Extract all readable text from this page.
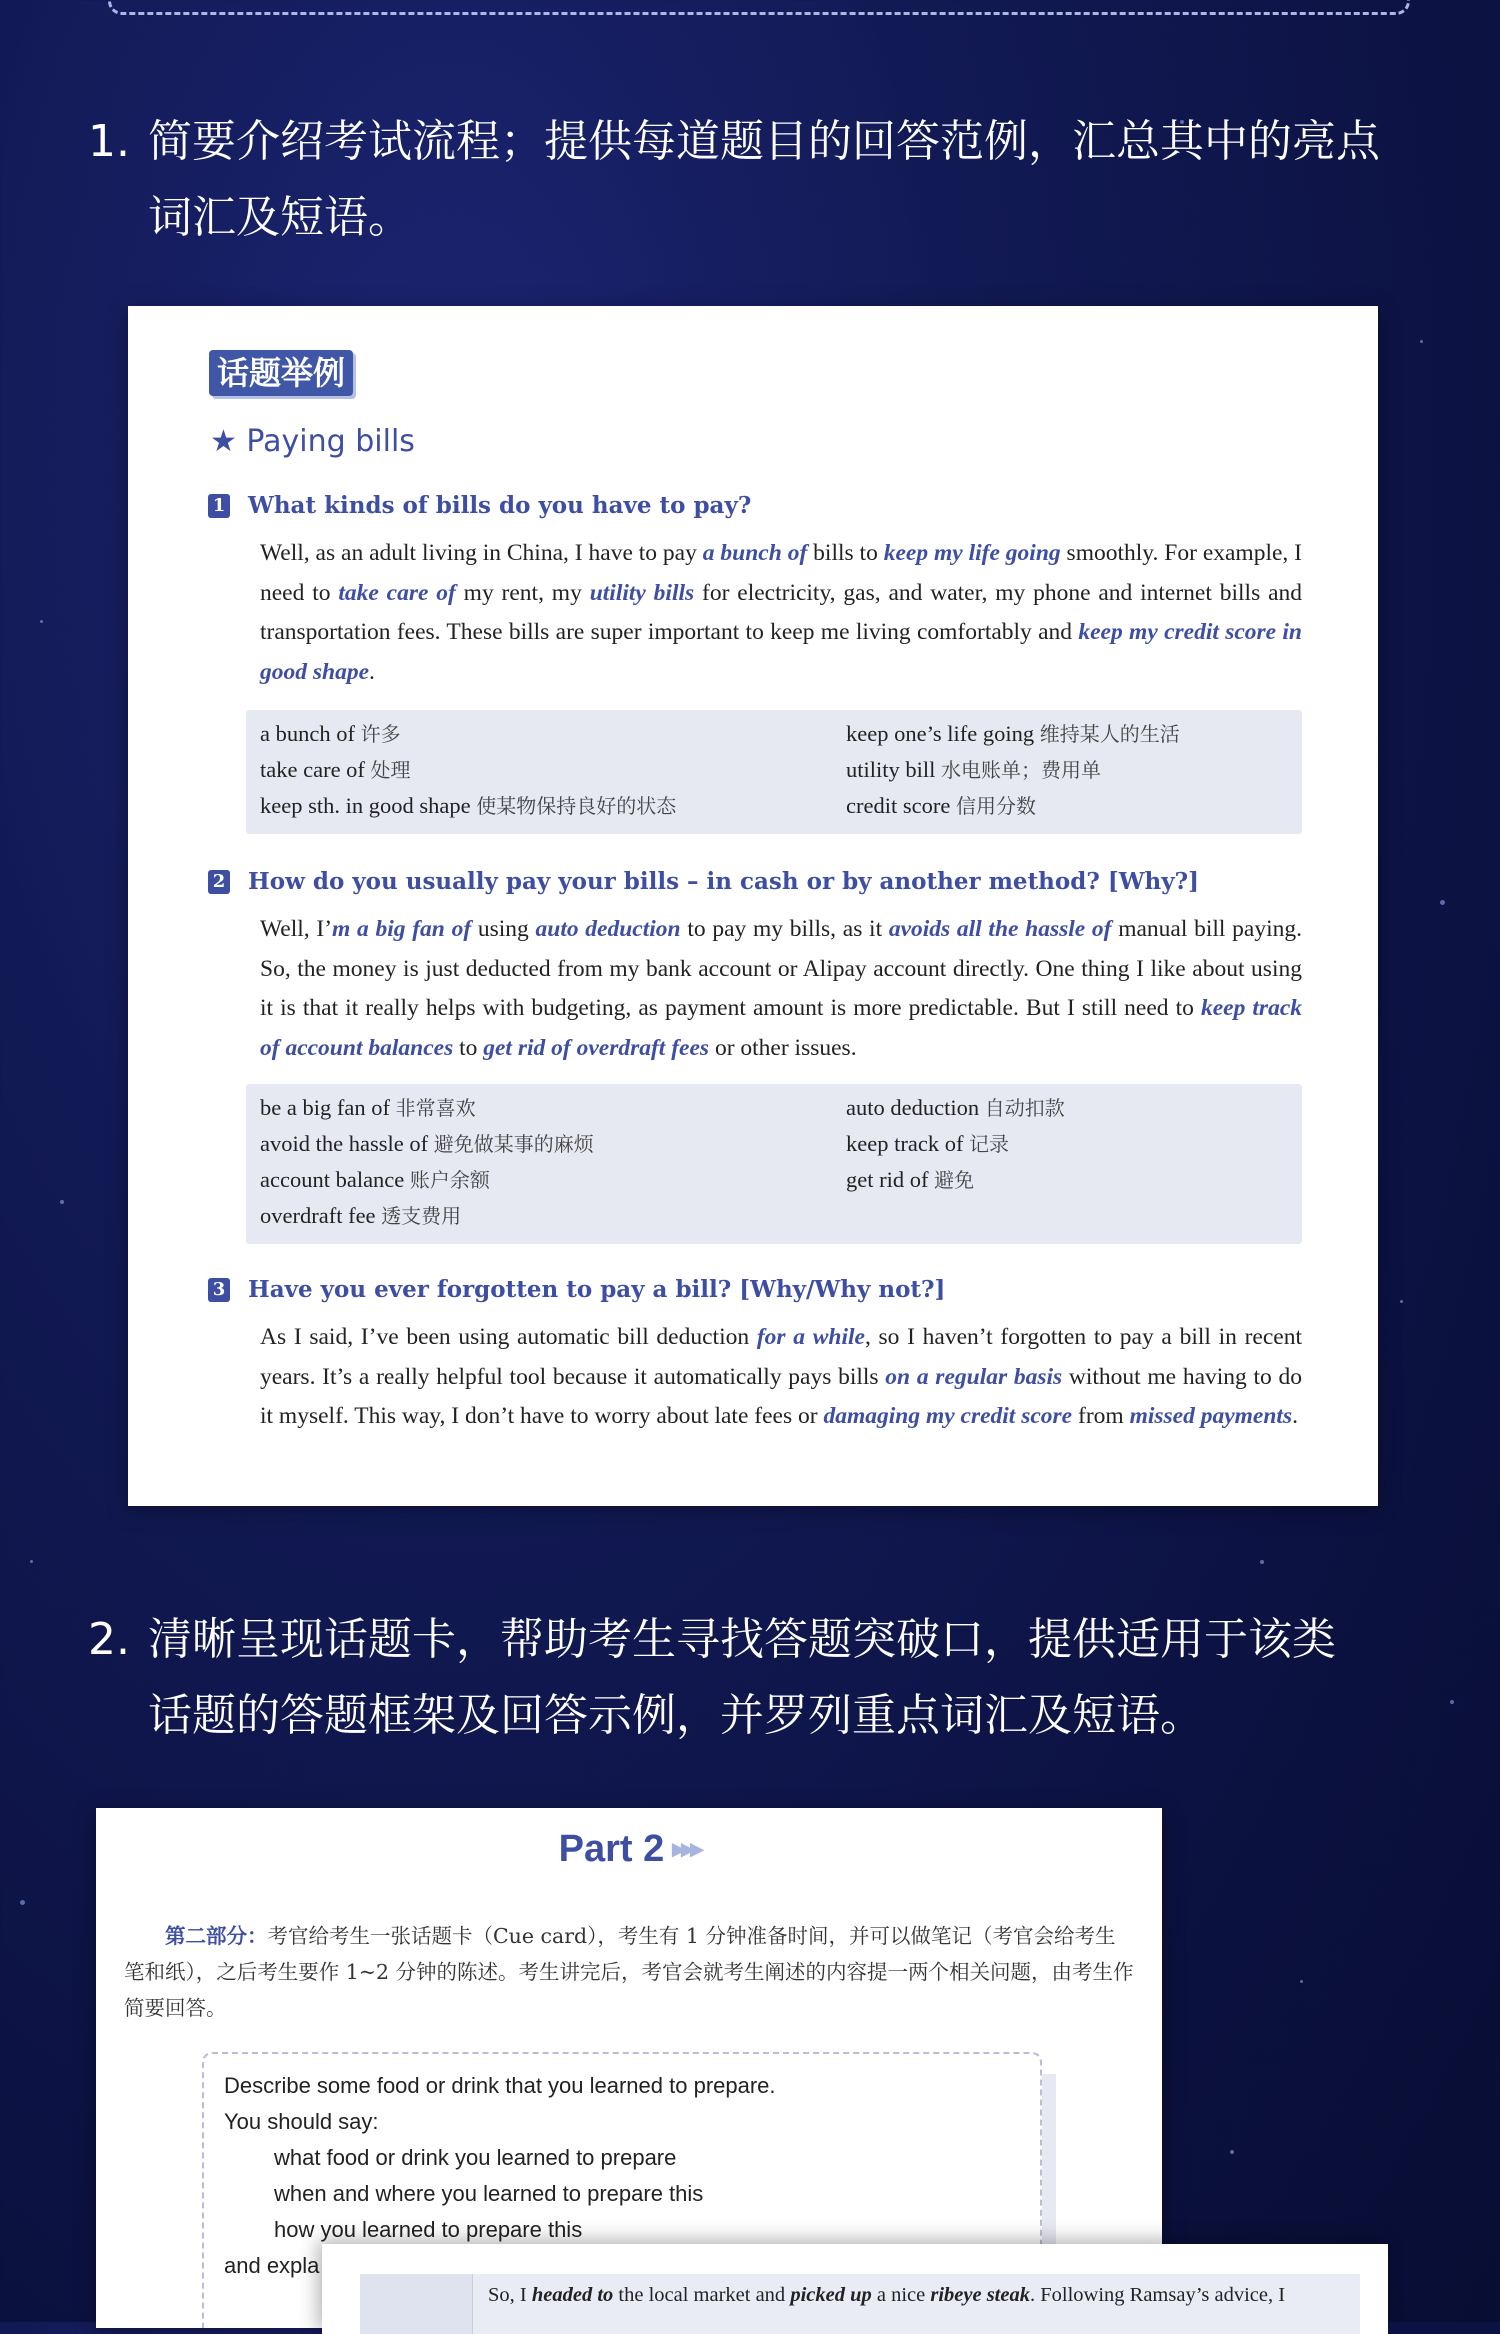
1. 简要介绍考试流程；提供每道题目的回答范例，汇总其中的亮点
词汇及短语。
话题举例
★ Paying bills
1 What kinds of bills do you have to pay?
Well, as an adult living in China, I have to pay a bunch of bills to keep my life going smoothly. For example, I need to take care of my rent, my utility bills for electricity, gas, and water, my phone and internet bills and transportation fees. These bills are super important to keep me living comfortably and keep my credit score in good shape.
a bunch of 许多
take care of 处理
keep sth. in good shape 使某物保持良好的状态
keep one’s life going 维持某人的生活
utility bill 水电账单；费用单
credit score 信用分数
2 How do you usually pay your bills – in cash or by another method? [Why?]
Well, I’m a big fan of using auto deduction to pay my bills, as it avoids all the hassle of manual bill paying. So, the money is just deducted from my bank account or Alipay account directly. One thing I like about using it is that it really helps with budgeting, as payment amount is more predictable. But I still need to keep track of account balances to get rid of overdraft fees or other issues.
be a big fan of 非常喜欢
avoid the hassle of 避免做某事的麻烦
account balance 账户余额
overdraft fee 透支费用
auto deduction 自动扣款
keep track of 记录
get rid of 避免
3 Have you ever forgotten to pay a bill? [Why/Why not?]
As I said, I’ve been using automatic bill deduction for a while, so I haven’t forgotten to pay a bill in recent years. It’s a really helpful tool because it automatically pays bills on a regular basis without me having to do it myself. This way, I don’t have to worry about late fees or damaging my credit score from missed payments.
2. 清晰呈现话题卡，帮助考生寻找答题突破口，提供适用于该类
话题的答题框架及回答示例，并罗列重点词汇及短语。
Part 2 ▸▸▸
第二部分：考官给考生一张话题卡（Cue card），考生有 1 分钟准备时间，并可以做笔记（考官会给考生笔和纸），之后考生要作 1~2 分钟的陈述。考生讲完后，考官会就考生阐述的内容提一两个相关问题，由考生作简要回答。
Describe some food or drink that you learned to prepare.
You should say:
what food or drink you learned to prepare
when and where you learned to prepare this
how you learned to prepare this
and expla
So, I headed to the local market and picked up a nice ribeye steak. Following Ramsay’s advice, I
